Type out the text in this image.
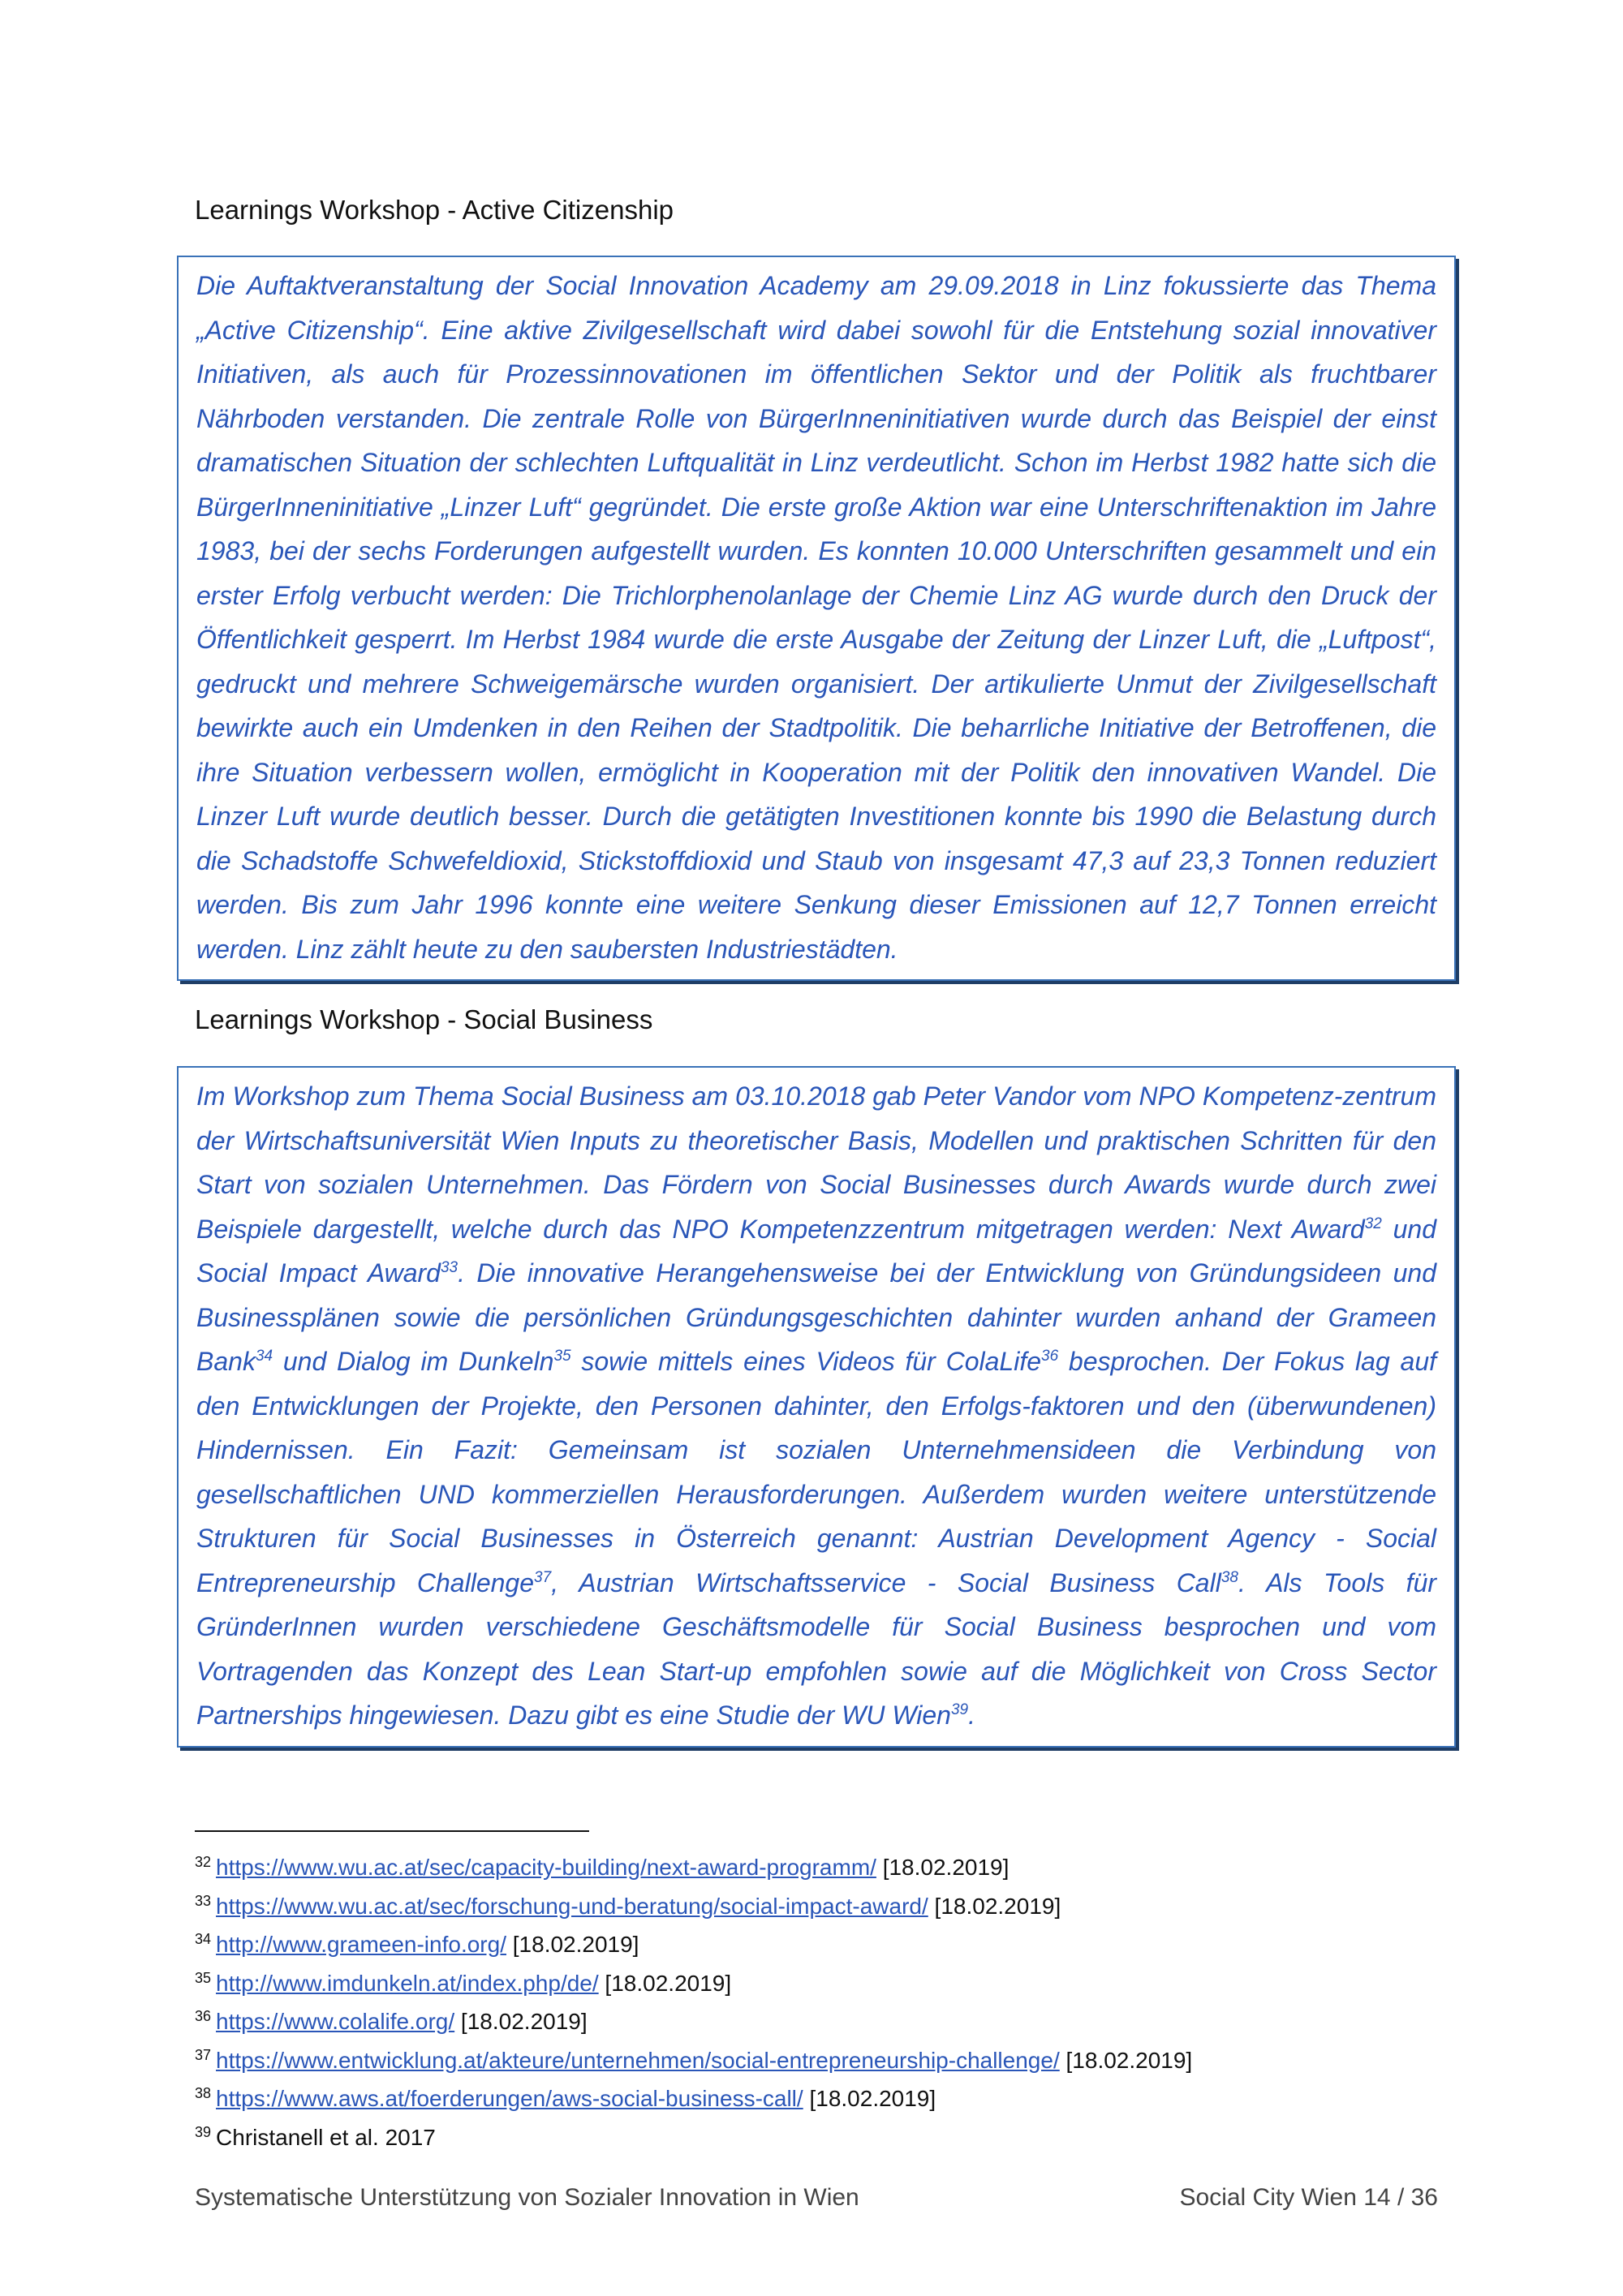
Learnings Workshop - Active Citizenship

Die Auftaktveranstaltung der Social Innovation Academy am 29.09.2018 in Linz fokussierte das Thema „Active Citizenship“. Eine aktive Zivilgesellschaft wird dabei sowohl für die Entstehung sozial innovativer Initiativen, als auch für Prozessinnovationen im öffentlichen Sektor und der Politik als fruchtbarer Nährboden verstanden. Die zentrale Rolle von BürgerInneninitiativen wurde durch das Beispiel der einst dramatischen Situation der schlechten Luftqualität in Linz verdeutlicht. Schon im Herbst 1982 hatte sich die BürgerInneninitiative „Linzer Luft“ gegründet. Die erste große Aktion war eine Unterschriftenaktion im Jahre 1983, bei der sechs Forderungen aufgestellt wurden. Es konnten 10.000 Unterschriften gesammelt und ein erster Erfolg verbucht werden: Die Trichlorphenolanlage der Chemie Linz AG wurde durch den Druck der Öffentlichkeit gesperrt. Im Herbst 1984 wurde die erste Ausgabe der Zeitung der Linzer Luft, die „Luftpost“, gedruckt und mehrere Schweigemärsche wurden organisiert. Der artikulierte Unmut der Zivilgesellschaft bewirkte auch ein Umdenken in den Reihen der Stadtpolitik. Die beharrliche Initiative der Betroffenen, die ihre Situation verbessern wollen, ermöglicht in Kooperation mit der Politik den innovativen Wandel. Die Linzer Luft wurde deutlich besser. Durch die getätigten Investitionen konnte bis 1990 die Belastung durch die Schadstoffe Schwefeldioxid, Stickstoffdioxid und Staub von insgesamt 47,3 auf 23,3 Tonnen reduziert werden. Bis zum Jahr 1996 konnte eine weitere Senkung dieser Emissionen auf 12,7 Tonnen erreicht werden. Linz zählt heute zu den saubersten Industriestädten.

Learnings Workshop - Social Business

Im Workshop zum Thema Social Business am 03.10.2018 gab Peter Vandor vom NPO Kompetenz-zentrum der Wirtschaftsuniversität Wien Inputs zu theoretischer Basis, Modellen und praktischen Schritten für den Start von sozialen Unternehmen. Das Fördern von Social Businesses durch Awards wurde durch zwei Beispiele dargestellt, welche durch das NPO Kompetenzzentrum mitgetragen werden: Next Award$^{32}$ und Social Impact Award$^{33}$. Die innovative Herangehensweise bei der Entwicklung von Gründungsideen und Businessplänen sowie die persönlichen Gründungsgeschichten dahinter wurden anhand der Grameen Bank$^{34}$ und Dialog im Dunkeln$^{35}$ sowie mittels eines Videos für ColaLife$^{36}$ besprochen. Der Fokus lag auf den Entwicklungen der Projekte, den Personen dahinter, den Erfolgs-faktoren und den (überwundenen) Hindernissen. Ein Fazit: Gemeinsam ist sozialen Unternehmensideen die Verbindung von gesellschaftlichen UND kommerziellen Herausforderungen. Außerdem wurden weitere unterstützende Strukturen für Social Businesses in Österreich genannt: Austrian Development Agency - Social Entrepreneurship Challenge$^{37}$, Austrian Wirtschaftsservice - Social Business Call$^{38}$. Als Tools für GründerInnen wurden verschiedene Geschäftsmodelle für Social Business besprochen und vom Vortragenden das Konzept des Lean Start-up empfohlen sowie auf die Möglichkeit von Cross Sector Partnerships hingewiesen. Dazu gibt es eine Studie der WU Wien$^{39}$.

$^{32}$ https://www.wu.ac.at/sec/capacity-building/next-award-programm/ [18.02.2019]
$^{33}$ https://www.wu.ac.at/sec/forschung-und-beratung/social-impact-award/ [18.02.2019]
$^{34}$ http://www.grameen-info.org/ [18.02.2019]
$^{35}$ http://www.imdunkeln.at/index.php/de/ [18.02.2019]
$^{36}$ https://www.colalife.org/ [18.02.2019]
$^{37}$ https://www.entwicklung.at/akteure/unternehmen/social-entrepreneurship-challenge/ [18.02.2019]
$^{38}$ https://www.aws.at/foerderungen/aws-social-business-call/ [18.02.2019]
$^{39}$ Christanell et al. 2017
Systematische Unterstützung von Sozialer Innovation in Wien	Social City Wien 14 / 36
